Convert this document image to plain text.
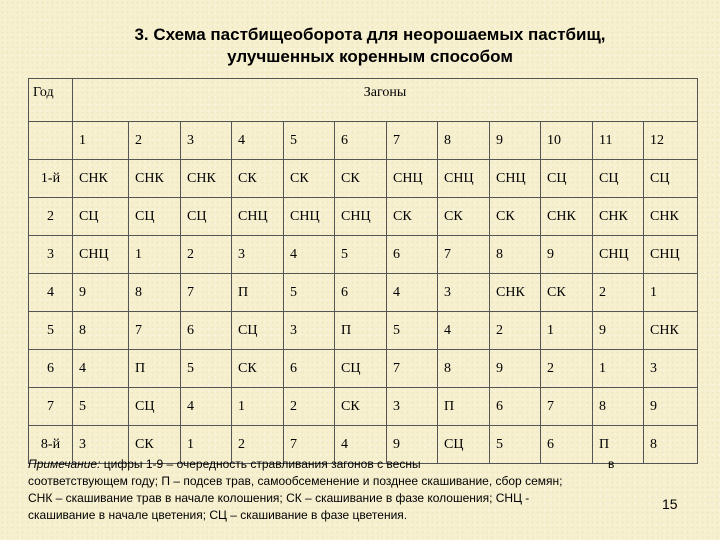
3. Схема пастбищеоборота для неорошаемых пастбищ,
улучшенных коренным способом
Год	Загоны											
	1	2	3	4	5	6	7	8	9	10	11	12
1-й	СНК	СНК	СНК	СК	СК	СК	СНЦ	СНЦ	СНЦ	СЦ	СЦ	СЦ
2	СЦ	СЦ	СЦ	СНЦ	СНЦ	СНЦ	СК	СК	СК	СНК	СНК	СНК
3	СНЦ	1	2	3	4	5	6	7	8	9	СНЦ	СНЦ
4	9	8	7	П	5	6	4	3	СНК	СК	2	1
5	8	7	6	СЦ	3	П	5	4	2	1	9	СНК
6	4	П	5	СК	6	СЦ	7	8	9	2	1	3
7	5	СЦ	4	1	2	СК	3	П	6	7	8	9
8-й	3	СК	1	2	7	4	9	СЦ	5	6	П	8
Примечание: цифры 1-9 – очередность стравливания загонов с весны	в
соответствующем году; П – подсев трав, самообсеменение и позднее скашивание, сбор семян;
СНК – скашивание трав в начале колошения; СК – скашивание в фазе колошения; СНЦ -
скашивание в начале цветения; СЦ – скашивание в фазе цветения.
15
